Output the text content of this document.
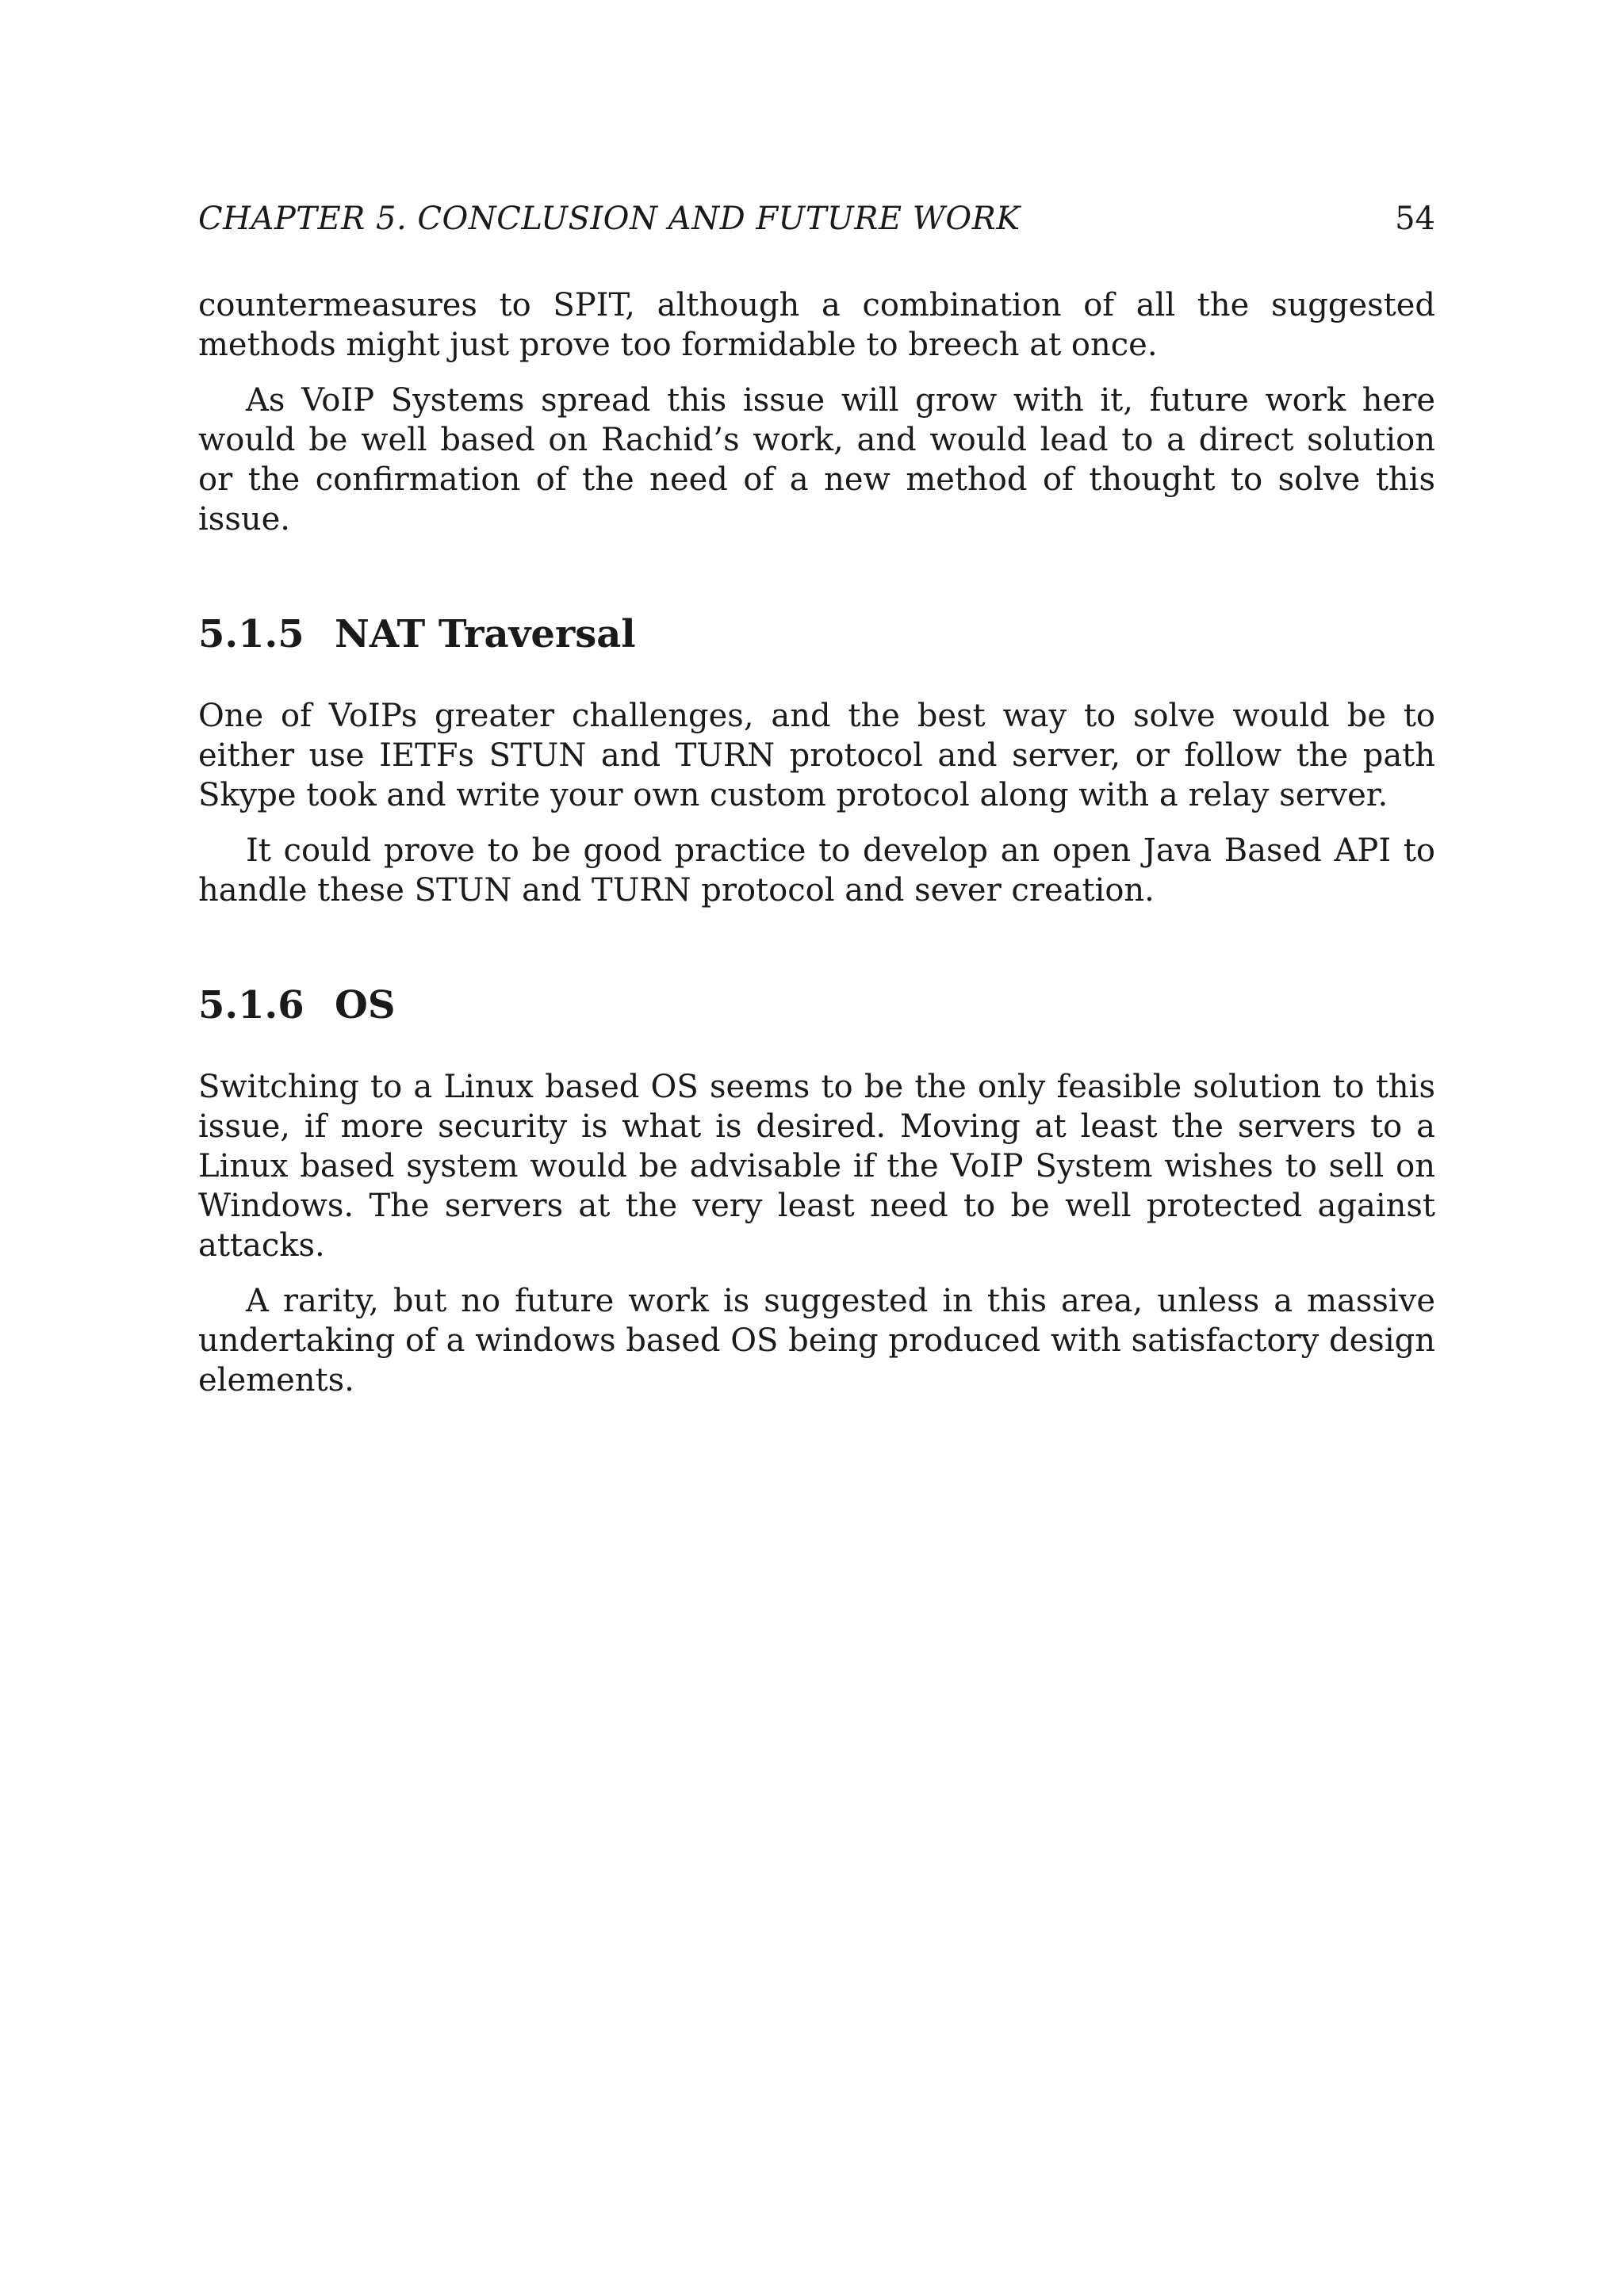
CHAPTER 5. CONCLUSION AND FUTURE WORK	54

countermeasures to SPIT, although a combination of all the suggested methods might just prove too formidable to breech at once.

As VoIP Systems spread this issue will grow with it, future work here would be well based on Rachid’s work, and would lead to a direct solution or the confirmation of the need of a new method of thought to solve this issue.

5.1.5 NAT Traversal

One of VoIPs greater challenges, and the best way to solve would be to either use IETFs STUN and TURN protocol and server, or follow the path Skype took and write your own custom protocol along with a relay server.

It could prove to be good practice to develop an open Java Based API to handle these STUN and TURN protocol and sever creation.

5.1.6 OS

Switching to a Linux based OS seems to be the only feasible solution to this issue, if more security is what is desired. Moving at least the servers to a Linux based system would be advisable if the VoIP System wishes to sell on Windows. The servers at the very least need to be well protected against attacks.

A rarity, but no future work is suggested in this area, unless a massive undertaking of a windows based OS being produced with satisfactory design elements.
